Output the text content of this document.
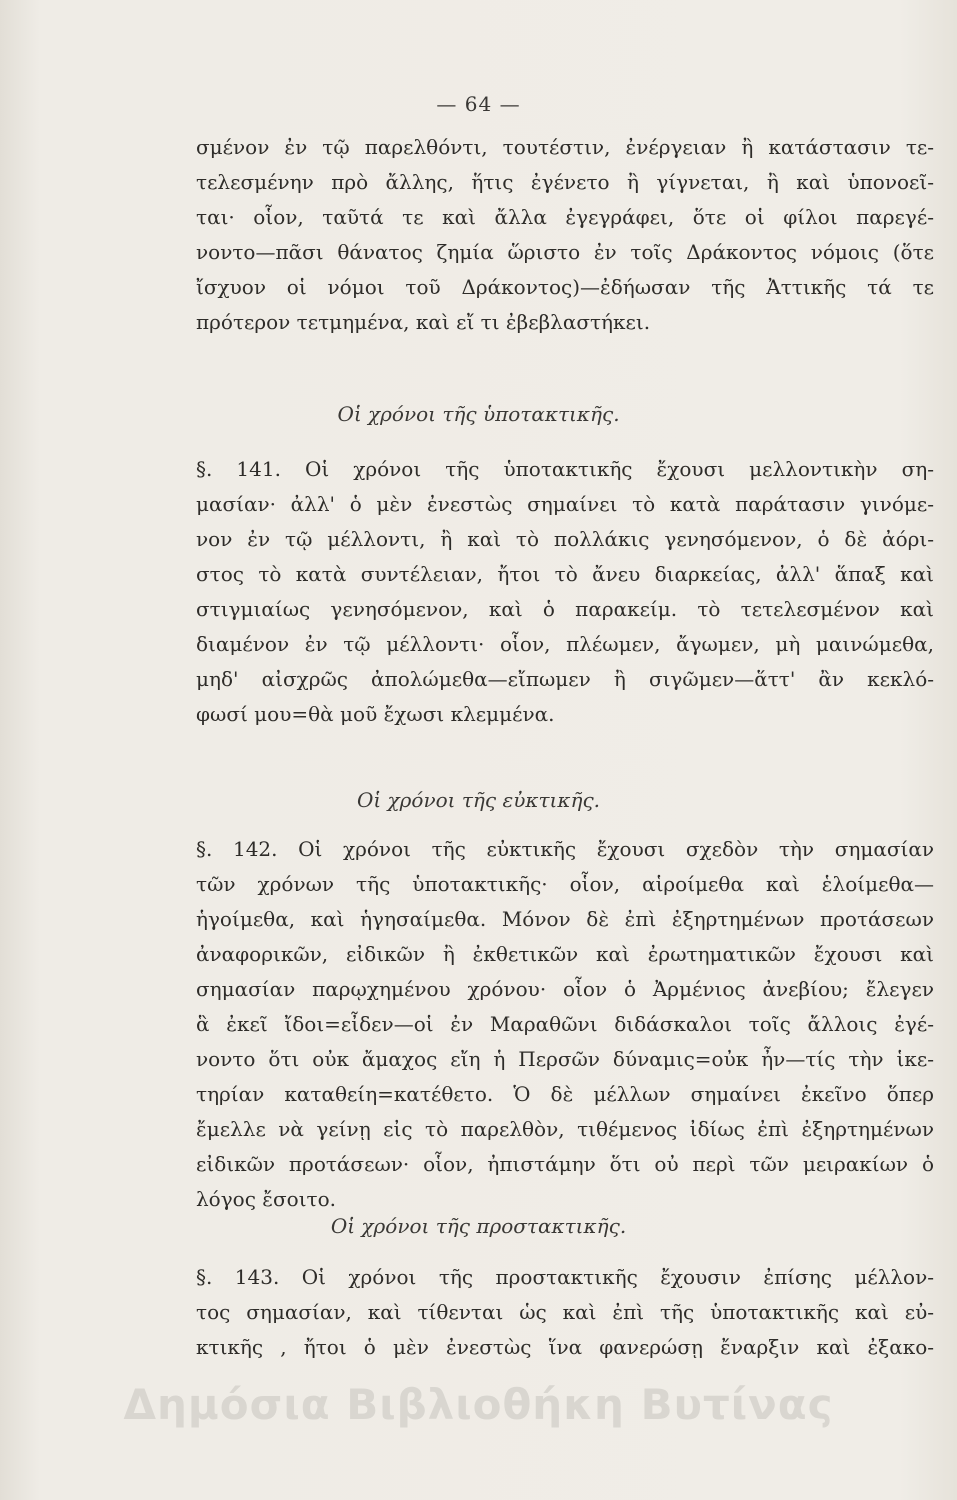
— 64 —
σμένον ἐν τῷ παρελθόντι, τουτέστιν, ἐνέργειαν ἢ κατάστασιν τε-
τελεσμένην πρὸ ἄλλης, ἥτις ἐγένετο ἢ γίγνεται, ἢ καὶ ὑπονοεῖ-
ται· οἷον, ταῦτά τε καὶ ἄλλα ἐγεγράφει, ὅτε οἱ φίλοι παρεγέ-
νοντο—πᾶσι θάνατος ζημία ὥριστο ἐν τοῖς Δράκοντος νόμοις (ὅτε
ἴσχυον οἱ νόμοι τοῦ Δράκοντος)—ἐδήωσαν τῆς Ἀττικῆς τά τε
πρότερον τετμημένα, καὶ εἴ τι ἐβεβλαστήκει.
Οἱ χρόνοι τῆς ὑποτακτικῆς.
§. 141. Οἱ χρόνοι τῆς ὑποτακτικῆς ἔχουσι μελλοντικὴν ση-
μασίαν· ἀλλ' ὁ μὲν ἐνεστὼς σημαίνει τὸ κατὰ παράτασιν γινόμε-
νον ἐν τῷ μέλλοντι, ἢ καὶ τὸ πολλάκις γενησόμενον, ὁ δὲ ἀόρι-
στος τὸ κατὰ συντέλειαν, ἤτοι τὸ ἄνευ διαρκείας, ἀλλ' ἅπαξ καὶ
στιγμιαίως γενησόμενον, καὶ ὁ παρακείμ. τὸ τετελεσμένον καὶ
διαμένον ἐν τῷ μέλλοντι· οἷον, πλέωμεν, ἄγωμεν, μὴ μαινώμεθα,
μηδ' αἰσχρῶς ἀπολώμεθα—εἴπωμεν ἢ σιγῶμεν—ἅττ' ἂν κεκλό-
φωσί μου=θὰ μοῦ ἔχωσι κλεμμένα.
Οἱ χρόνοι τῆς εὐκτικῆς.
§. 142. Οἱ χρόνοι τῆς εὐκτικῆς ἔχουσι σχεδὸν τὴν σημασίαν
τῶν χρόνων τῆς ὑποτακτικῆς· οἷον, αἱροίμεθα καὶ ἑλοίμεθα—
ἡγοίμεθα, καὶ ἡγησαίμεθα. Μόνον δὲ ἐπὶ ἐξηρτημένων προτάσεων
ἀναφορικῶν, εἰδικῶν ἢ ἐκθετικῶν καὶ ἐρωτηματικῶν ἔχουσι καὶ
σημασίαν παρῳχημένου χρόνου· οἷον ὁ Ἀρμένιος ἀνεβίου; ἔλεγεν
ἃ ἐκεῖ ἴδοι=εἶδεν—οἱ ἐν Μαραθῶνι διδάσκαλοι τοῖς ἄλλοις ἐγέ-
νοντο ὅτι οὐκ ἄμαχος εἴη ἡ Περσῶν δύναμις=οὐκ ἦν—τίς τὴν ἱκε-
τηρίαν καταθείη=κατέθετο. Ὁ δὲ μέλλων σημαίνει ἐκεῖνο ὅπερ
ἔμελλε νὰ γείνῃ εἰς τὸ παρελθὸν, τιθέμενος ἰδίως ἐπὶ ἐξηρτημένων
εἰδικῶν προτάσεων· οἷον, ἠπιστάμην ὅτι οὐ περὶ τῶν μειρακίων ὁ
λόγος ἔσοιτο.
Οἱ χρόνοι τῆς προστακτικῆς.
§. 143. Οἱ χρόνοι τῆς προστακτικῆς ἔχουσιν ἐπίσης μέλλον-
τος σημασίαν, καὶ τίθενται ὡς καὶ ἐπὶ τῆς ὑποτακτικῆς καὶ εὐ-
κτικῆς , ἤτοι ὁ μὲν ἐνεστὼς ἵνα φανερώσῃ ἔναρξιν καὶ ἐξακο-
Δημόσια Βιβλιοθήκη Βυτίνας
